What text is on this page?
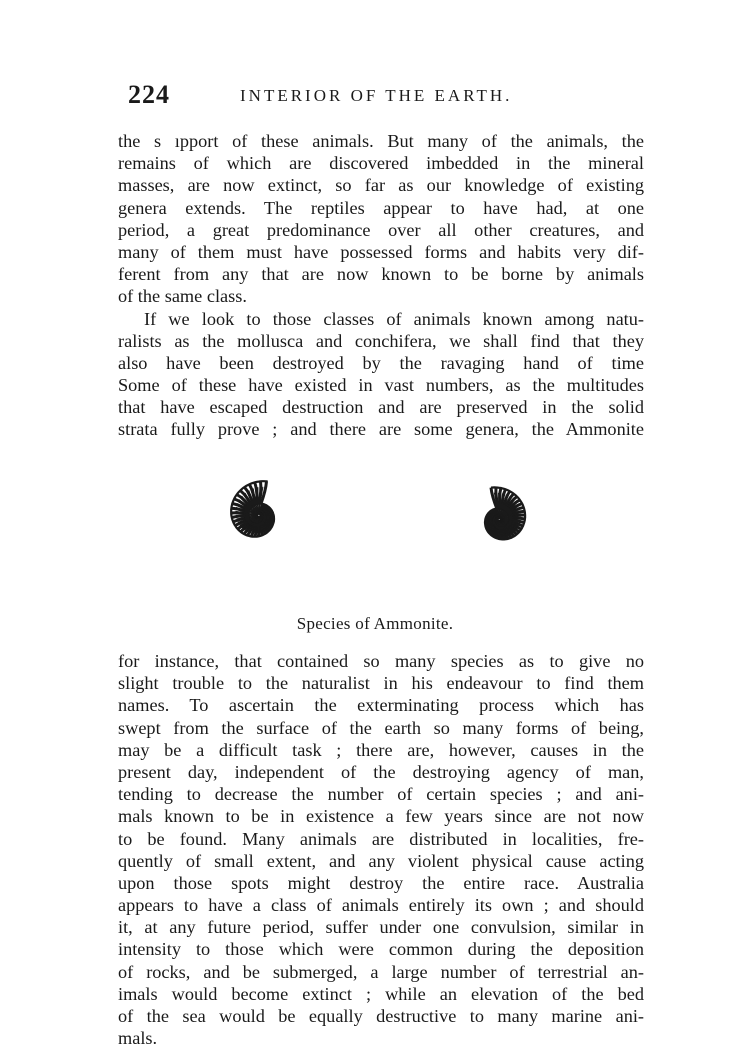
224	INTERIOR OF THE EARTH.
the s ıpport of these animals. But many of the animals, the
remains of which are discovered imbedded in the mineral
masses, are now extinct, so far as our knowledge of existing
genera extends. The reptiles appear to have had, at one
period, a great predominance over all other creatures, and
many of them must have possessed forms and habits very dif-
ferent from any that are now known to be borne by animals
of the same class.
If we look to those classes of animals known among natu-
ralists as the mollusca and conchifera, we shall find that they
also have been destroyed by the ravaging hand of time
Some of these have existed in vast numbers, as the multitudes
that have escaped destruction and are preserved in the solid
strata fully prove ; and there are some genera, the Ammonite
Species of Ammonite.
for instance, that contained so many species as to give no
slight trouble to the naturalist in his endeavour to find them
names. To ascertain the exterminating process which has
swept from the surface of the earth so many forms of being,
may be a difficult task ; there are, however, causes in the
present day, independent of the destroying agency of man,
tending to decrease the number of certain species ; and ani-
mals known to be in existence a few years since are not now
to be found. Many animals are distributed in localities, fre-
quently of small extent, and any violent physical cause acting
upon those spots might destroy the entire race. Australia
appears to have a class of animals entirely its own ; and should
it, at any future period, suffer under one convulsion, similar in
intensity to those which were common during the deposition
of rocks, and be submerged, a large number of terrestrial an-
imals would become extinct ; while an elevation of the bed
of the sea would be equally destructive to many marine ani-
mals.
